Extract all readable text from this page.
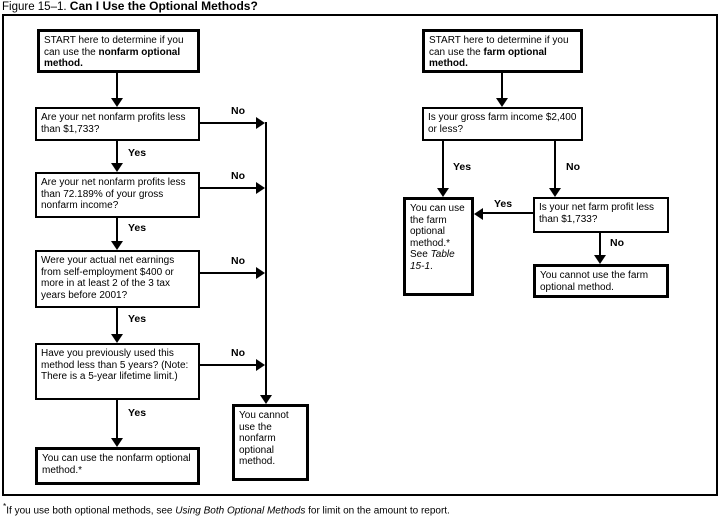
Figure 15–1. Can I Use the Optional Methods?
START here to determine if you can use the nonfarm optional method.
Are your net nonfarm profits less than $1,733?
Yes
Are your net nonfarm profits less than 72.189% of your gross nonfarm income?
Yes
Were your actual net earnings from self-employment $400 or more in at least 2 of the 3 tax years before 2001?
Yes
Have you previously used this method less than 5 years? (Note: There is a 5-year lifetime limit.)
Yes
You can use the nonfarm optional method.*
No
No
No
No
You cannot use the nonfarm optional method.
START here to determine if you can use the farm optional method.
Is your gross farm income $2,400 or less?
Yes	No
You can use the farm optional method.* See Table 15-1.
Is your net farm profit less than $1,733?
Yes
No
You cannot use the farm optional method.
*If you use both optional methods, see Using Both Optional Methods for limit on the amount to report.
